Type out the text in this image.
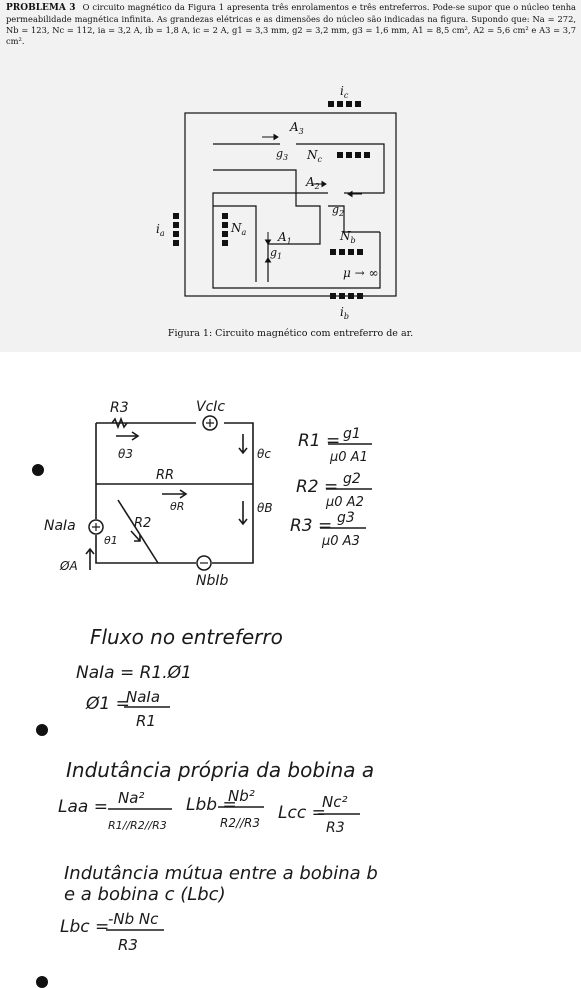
PROBLEMA 3 O circuito magnético da Figura 1 apresenta três enrolamentos e três entreferros. Pode-se supor que o núcleo tenha permeabilidade magnética infinita. As grandezas elétricas e as dimensões do núcleo são indicadas na figura. Supondo que: Na = 272, Nb = 123, Nc = 112, ia = 3,2 A, ib = 1,8 A, ic = 2 A, g1 = 3,3 mm, g2 = 3,2 mm, g3 = 1,6 mm, A1 = 8,5 cm², A2 = 5,6 cm² e A3 = 3,7 cm².
$i_c$
$i_b$
$i_a$
$A_3$
$A_2$
$A_1$
$g_3$
$g_2$
$g_1$
$N_c$
$N_a$	$N_b$
μ → ∞
Figura 1: Circuito magnético com entreferro de ar.
R3	VcIc
θ3	θc
RR
θR	θB
R2
NaIa
θ1
ØA
NbIb
R1 = g1
μ0 A1
R2 = g2
μ0 A2
R3 = g3
μ0 A3
Fluxo no entreferro
NaIa = R1.Ø1
Ø1 =
NaIa
R1
Indutância própria da bobina a
Laa = Na²
R1//R2//R3
Lbb =
Nb²
R2//R3 Lcc =
Nc²
R3
Indutância mútua entre a bobina b
e a bobina c (Lbc)
Lbc =
-Nb Nc
R3
